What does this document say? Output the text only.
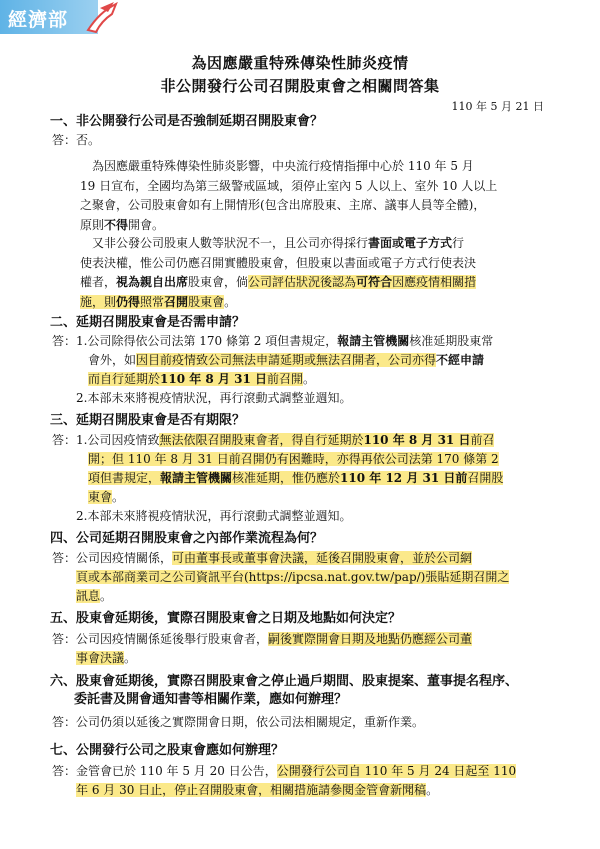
經濟部
為因應嚴重特殊傳染性肺炎疫情
非公開發行公司召開股東會之相關問答集
110 年 5 月 21 日
一、非公開發行公司是否強制延期召開股東會？
答： 否。
為因應嚴重特殊傳染性肺炎影響，中央流行疫情指揮中心於 110 年 5 月
19 日宣布，全國均為第三級警戒區域，須停止室內 5 人以上、室外 10 人以上
之聚會，公司股東會如有上開情形(包含出席股東、主席、議事人員等全體)，
原則不得開會。
又非公發公司股東人數等狀況不一，且公司亦得採行書面或電子方式行
使表決權，惟公司仍應召開實體股東會，但股東以書面或電子方式行使表決
權者，視為親自出席股東會，倘公司評估狀況後認為可符合因應疫情相關措
施，則仍得照常召開股東會。
二、延期召開股東會是否需申請？
答： 1.公司除得依公司法第 170 條第 2 項但書規定，報請主管機關核准延期股東常
會外，如因目前疫情致公司無法申請延期或無法召開者，公司亦得不經申請
而自行延期於110 年 8 月 31 日前召開。
2.本部未來將視疫情狀況，再行滾動式調整並週知。
三、延期召開股東會是否有期限？
答： 1.公司因疫情致無法依限召開股東會者，得自行延期於110 年 8 月 31 日前召
開；但 110 年 8 月 31 日前召開仍有困難時，亦得再依公司法第 170 條第 2
項但書規定，報請主管機關核准延期，惟仍應於110 年 12 月 31 日前召開股
東會。
2.本部未來將視疫情狀況，再行滾動式調整並週知。
四、公司延期召開股東會之內部作業流程為何？
答： 公司因疫情關係，可由董事長或董事會決議，延後召開股東會，並於公司網
頁或本部商業司之公司資訊平台(https://ipcsa.nat.gov.tw/pap/)張貼延期召開之
訊息。
五、股東會延期後，實際召開股東會之日期及地點如何決定？
答： 公司因疫情關係延後舉行股東會者，嗣後實際開會日期及地點仍應經公司董
事會決議。
六、股東會延期後，實際召開股東會之停止過戶期間、股東提案、董事提名程序、
委託書及開會通知書等相關作業，應如何辦理？
答： 公司仍須以延後之實際開會日期，依公司法相關規定，重新作業。
七、公開發行公司之股東會應如何辦理？
答： 金管會已於 110 年 5 月 20 日公告，公開發行公司自 110 年 5 月 24 日起至 110
年 6 月 30 日止，停止召開股東會，相關措施請參閱金管會新聞稿。
